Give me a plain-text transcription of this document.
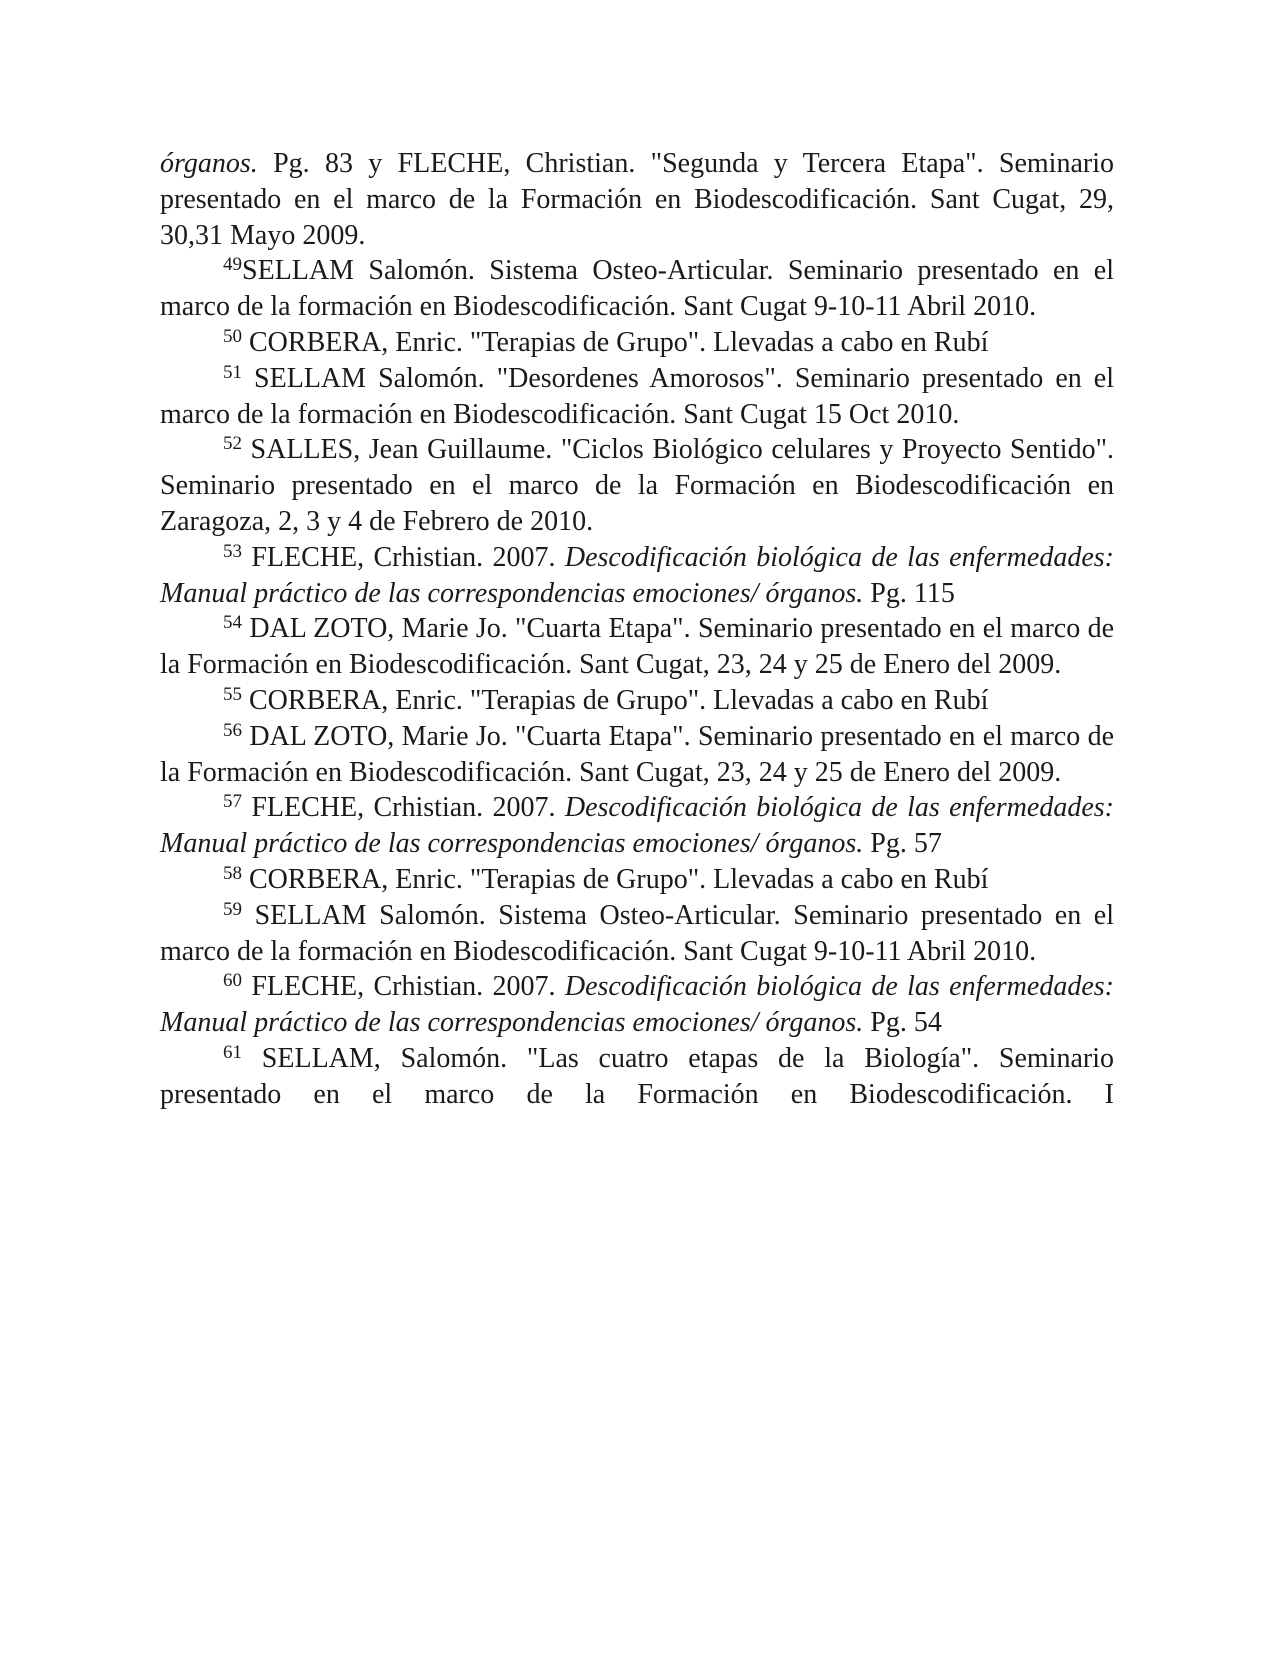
órganos. Pg. 83 y FLECHE, Christian. "Segunda y Tercera Etapa". Seminario presentado en el marco de la Formación en Biodescodificación. Sant Cugat, 29, 30,31 Mayo 2009.

$^{49}$SELLAM Salomón. Sistema Osteo-Articular. Seminario presentado en el marco de la formación en Biodescodificación. Sant Cugat 9-10-11 Abril 2010.

$^{50}$ CORBERA, Enric. "Terapias de Grupo". Llevadas a cabo en Rubí

$^{51}$ SELLAM Salomón. "Desordenes Amorosos". Seminario presentado en el marco de la formación en Biodescodificación. Sant Cugat 15 Oct 2010.

$^{52}$ SALLES, Jean Guillaume. "Ciclos Biológico celulares y Proyecto Sentido". Seminario presentado en el marco de la Formación en Biodescodificación en Zaragoza, 2, 3 y 4 de Febrero de 2010.

$^{53}$ FLECHE, Crhistian. 2007. Descodificación biológica de las enfermedades: Manual práctico de las correspondencias emociones/ órganos. Pg. 115

$^{54}$ DAL ZOTO, Marie Jo. "Cuarta Etapa". Seminario presentado en el marco de la Formación en Biodescodificación. Sant Cugat, 23, 24 y 25 de Enero del 2009.

$^{55}$ CORBERA, Enric. "Terapias de Grupo". Llevadas a cabo en Rubí

$^{56}$ DAL ZOTO, Marie Jo. "Cuarta Etapa". Seminario presentado en el marco de la Formación en Biodescodificación. Sant Cugat, 23, 24 y 25 de Enero del 2009.

$^{57}$ FLECHE, Crhistian. 2007. Descodificación biológica de las enfermedades: Manual práctico de las correspondencias emociones/ órganos. Pg. 57

$^{58}$ CORBERA, Enric. "Terapias de Grupo". Llevadas a cabo en Rubí

$^{59}$ SELLAM Salomón. Sistema Osteo-Articular. Seminario presentado en el marco de la formación en Biodescodificación. Sant Cugat 9-10-11 Abril 2010.

$^{60}$ FLECHE, Crhistian. 2007. Descodificación biológica de las enfermedades: Manual práctico de las correspondencias emociones/ órganos. Pg. 54

$^{61}$ SELLAM, Salomón. "Las cuatro etapas de la Biología". Seminario presentado en el marco de la Formación en Biodescodificación. I
